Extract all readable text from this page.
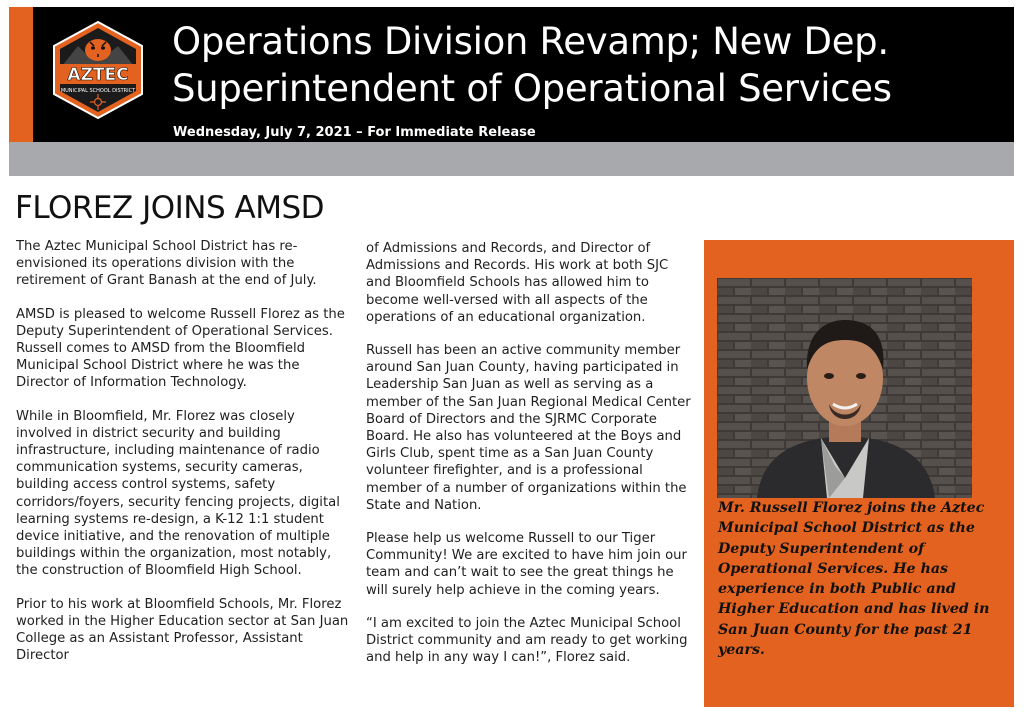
AZTEC
MUNICIPAL SCHOOL DISTRICT
Operations Division Revamp; New Dep.
Superintendent of Operational Services
Wednesday, July 7, 2021 – For Immediate Release
FLOREZ JOINS AMSD

The Aztec Municipal School District has re-envisioned its operations division with the retirement of Grant Banash at the end of July.

AMSD is pleased to welcome Russell Florez as the Deputy Superintendent of Operational Services. Russell comes to AMSD from the Bloomfield Municipal School District where he was the Director of Information Technology.

While in Bloomfield, Mr. Florez was closely involved in district security and building infrastructure, including maintenance of radio communication systems, security cameras, building access control systems, safety corridors/foyers, security fencing projects, digital learning systems re-design, a K-12 1:1 student device initiative, and the renovation of multiple buildings within the organization, most notably, the construction of Bloomfield High School.

Prior to his work at Bloomfield Schools, Mr. Florez worked in the Higher Education sector at San Juan College as an Assistant Professor, Assistant Director

of Admissions and Records, and Director of Admissions and Records. His work at both SJC and Bloomfield Schools has allowed him to become well-versed with all aspects of the operations of an educational organization.

Russell has been an active community member around San Juan County, having participated in Leadership San Juan as well as serving as a member of the San Juan Regional Medical Center Board of Directors and the SJRMC Corporate Board. He also has volunteered at the Boys and Girls Club, spent time as a San Juan County volunteer firefighter, and is a professional member of a number of organizations within the State and Nation.

Please help us welcome Russell to our Tiger Community! We are excited to have him join our team and can’t wait to see the great things he will surely help achieve in the coming years.

“I am excited to join the Aztec Municipal School District community and am ready to get working and help in any way I can!”, Florez said.

Mr. Russell Florez joins the Aztec Municipal School District as the Deputy Superintendent of Operational Services. He has experience in both Public and Higher Education and has lived in San Juan County for the past 21 years.
